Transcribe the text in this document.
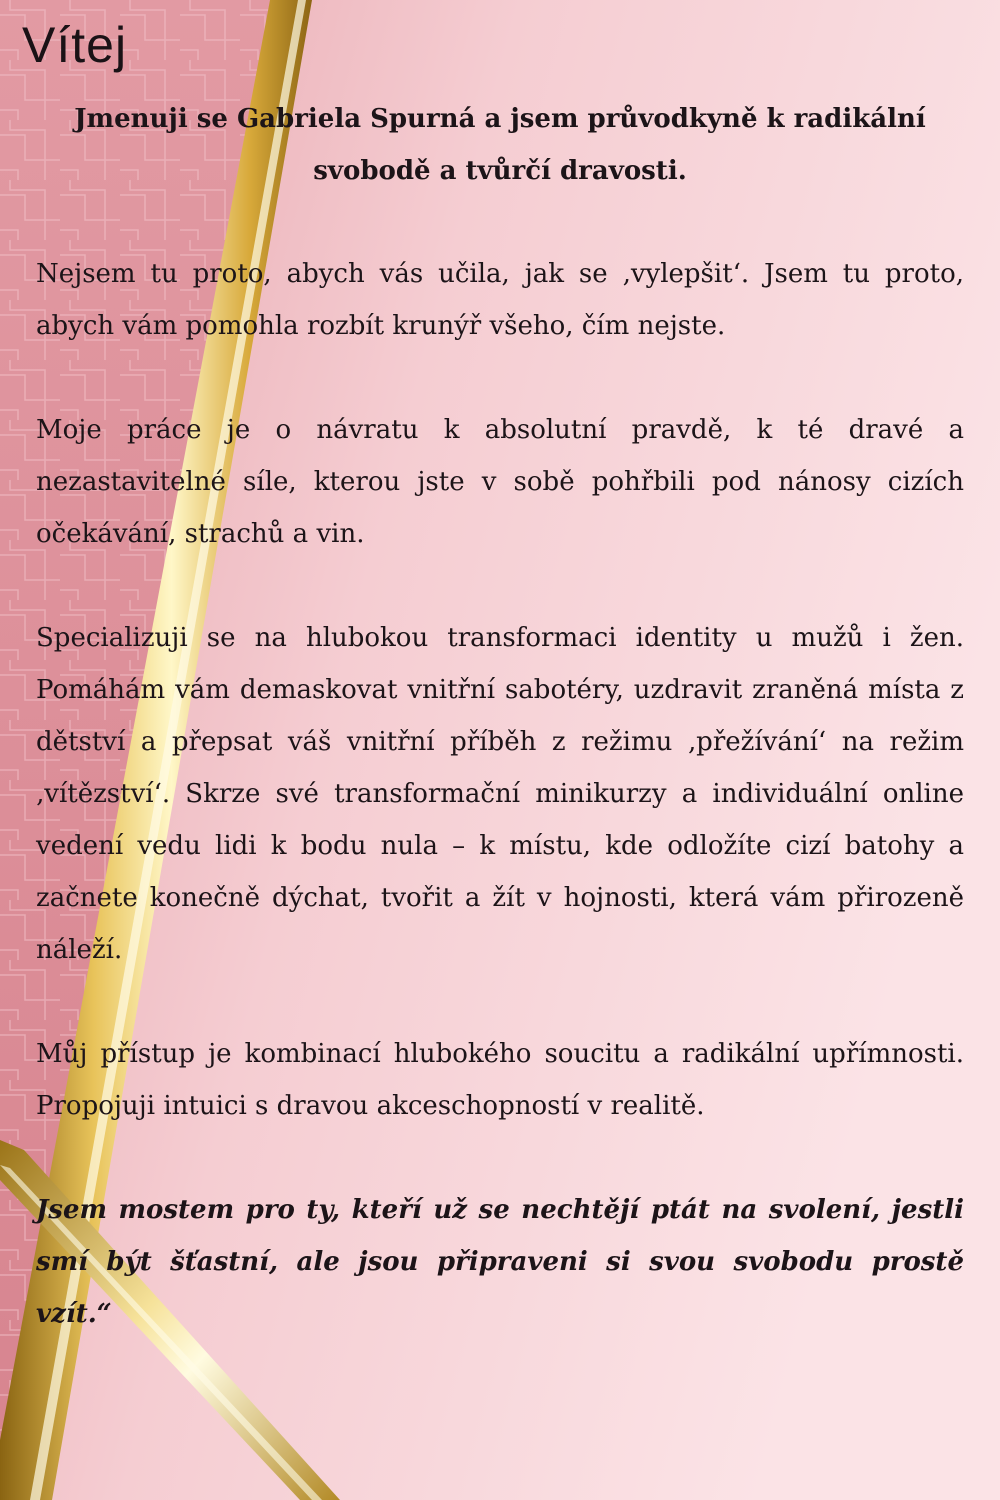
Vítej

Jmenuji se Gabriela Spurná a jsem průvodkyně k radikální svobodě a tvůrčí dravosti.

Nejsem tu proto, abych vás učila, jak se ‚vylepšit‘. Jsem tu proto, abych vám pomohla rozbít krunýř všeho, čím nejste.

Moje práce je o návratu k absolutní pravdě, k té dravé a nezastavitelné síle, kterou jste v sobě pohřbili pod nánosy cizích očekávání, strachů a vin.

Specializuji se na hlubokou transformaci identity u mužů i žen. Pomáhám vám demaskovat vnitřní sabotéry, uzdravit zraněná místa z dětství a přepsat váš vnitřní příběh z režimu ‚přežívání‘ na režim ‚vítězství‘. Skrze své transformační minikurzy a individuální online vedení vedu lidi k bodu nula – k místu, kde odložíte cizí batohy a začnete konečně dýchat, tvořit a žít v hojnosti, která vám přirozeně náleží.

Můj přístup je kombinací hlubokého soucitu a radikální upřímnosti. Propojuji intuici s dravou akceschopností v realitě.

Jsem mostem pro ty, kteří už se nechtějí ptát na svolení, jestli smí být šťastní, ale jsou připraveni si svou svobodu prostě vzít.“
